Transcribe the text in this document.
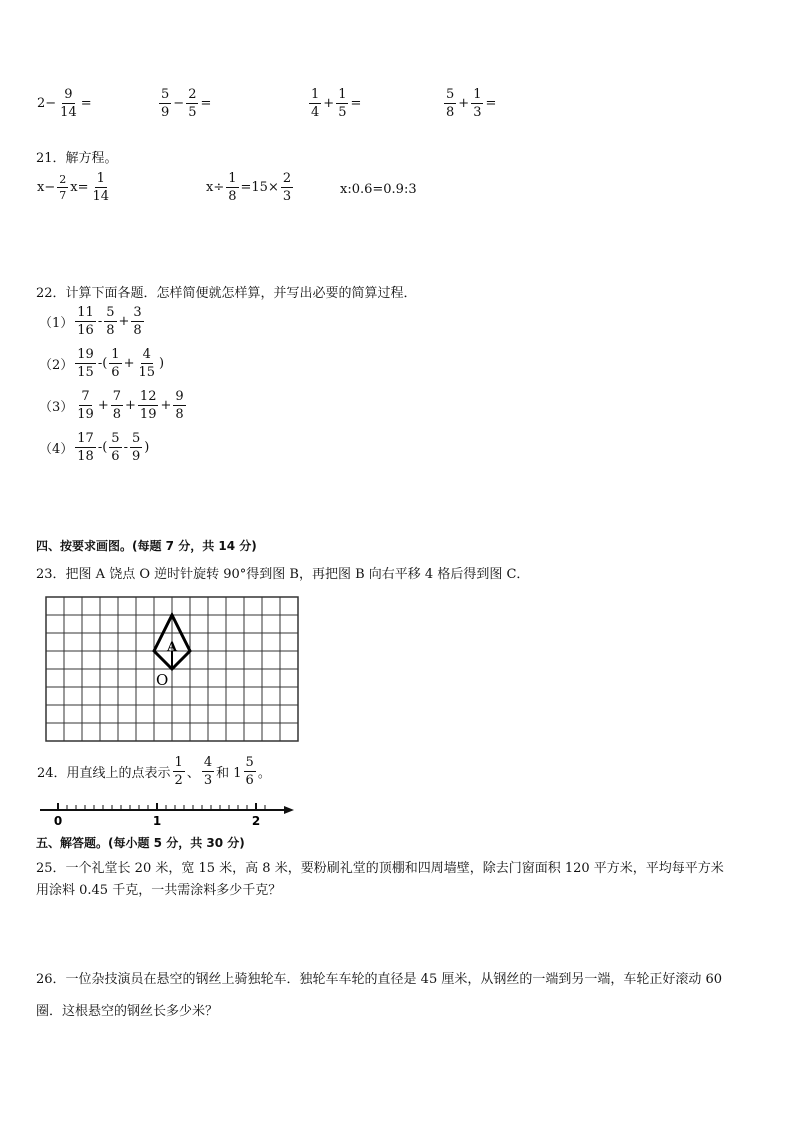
$2- \frac{9}{14}$ =	$\frac{5}{9} - \frac{2}{5}$ =	$\frac{1}{4} + \frac{1}{5}$ =	$\frac{5}{8} + \frac{1}{3}$ =
21．解方程。
$x- \frac{2}{7} x= \frac{1}{14}$	$x\div \frac{1}{8} =15\times \frac{2}{3}$	x:0.6=0.9:3
22．计算下面各题．怎样简便就怎样算，并写出必要的简算过程．
$(1) \frac{11}{16} - \frac{5}{8} + \frac{3}{8}$
$(2) \frac{19}{15}$ -( $\frac{1}{6} + \frac{4}{15}$ )
$(3) \frac{7}{19} + \frac{7}{8} + \frac{12}{19} + \frac{9}{8}$
$(4) \frac{17}{18}$ -( $\frac{5}{6} - \frac{5}{9}$ )
四、按要求画图。(每题 7 分，共 14 分)
23．把图 A 饶点 O 逆时针旋转 90°得到图 B，再把图 B 向右平移 4 格后得到图 C．
A
O
24．用直线上的点表示 $\frac{1}{2}$ 、 $\frac{4}{3}$ 和 $1 \frac{5}{6}$ 。
0	1	2
五、解答题。(每小题 5 分，共 30 分)
25．一个礼堂长 20 米，宽 15 米，高 8 米，要粉刷礼堂的顶棚和四周墙壁，除去门窗面积 120 平方米，平均每平方米
用涂料 0.45 千克，一共需涂料多少千克？
26．一位杂技演员在悬空的钢丝上骑独轮车．独轮车车轮的直径是 45 厘米，从钢丝的一端到另一端，车轮正好滚动 60
圈．这根悬空的钢丝长多少米？
